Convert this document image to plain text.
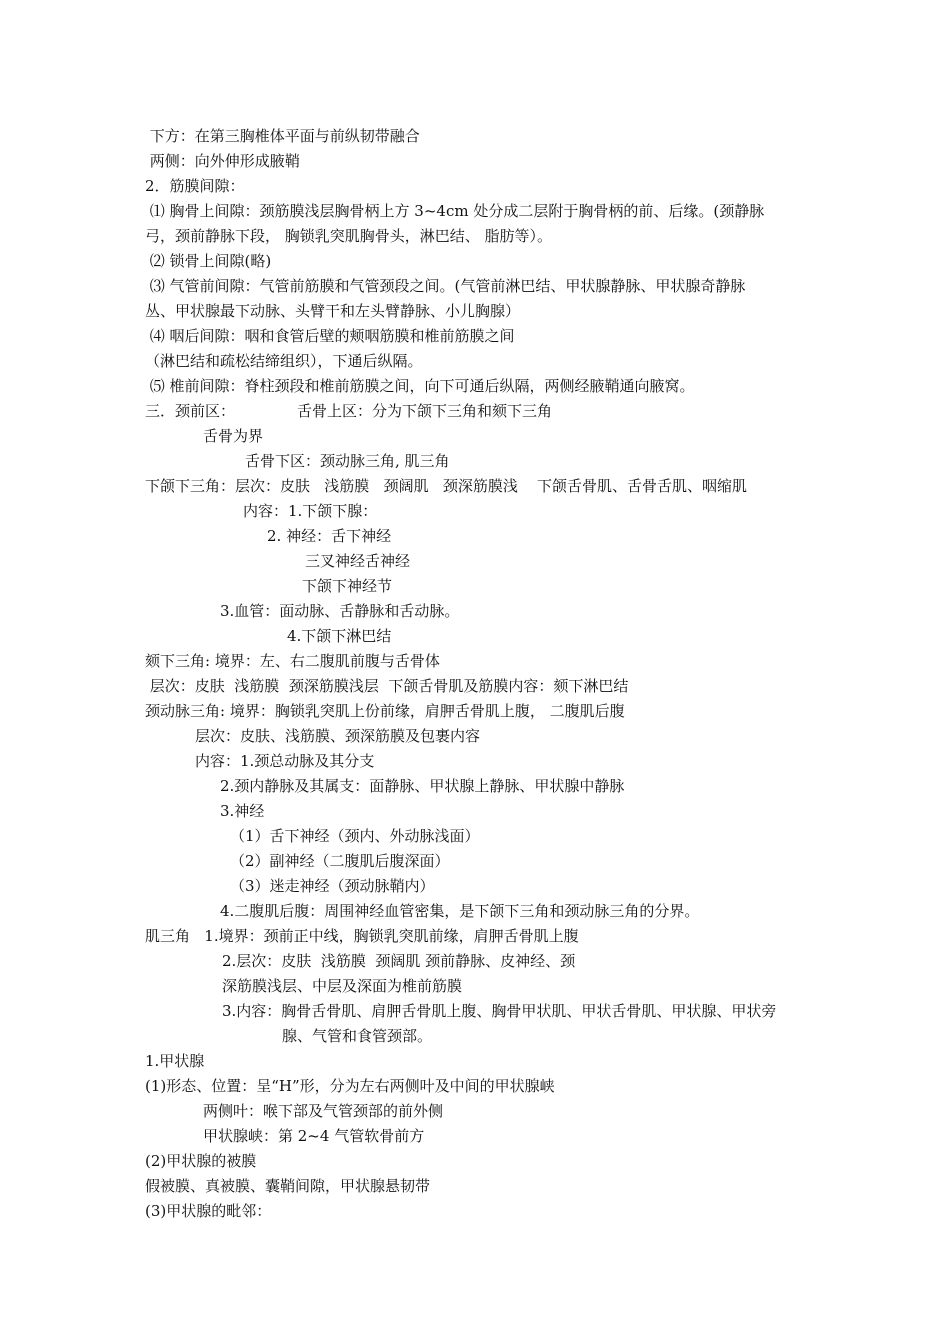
下方：在第三胸椎体平面与前纵韧带融合
两侧：向外伸形成腋鞘
2．筋膜间隙：
⑴ 胸骨上间隙：颈筋膜浅层胸骨柄上方 3~4cm 处分成二层附于胸骨柄的前、后缘。(颈静脉
弓，颈前静脉下段， 胸锁乳突肌胸骨头，淋巴结、 脂肪等）。
⑵ 锁骨上间隙(略)
⑶ 气管前间隙：气管前筋膜和气管颈段之间。(气管前淋巴结、甲状腺静脉、甲状腺奇静脉
丛、甲状腺最下动脉、头臂干和左头臂静脉、小儿胸腺）
⑷ 咽后间隙：咽和食管后壁的颊咽筋膜和椎前筋膜之间
（淋巴结和疏松结缔组织），下通后纵隔。
⑸ 椎前间隙：脊柱颈段和椎前筋膜之间，向下可通后纵隔，两侧经腋鞘通向腋窝。
三．颈前区：	舌骨上区：分为下颌下三角和颏下三角
舌骨为界
舌骨下区：颈动脉三角, 肌三角
下颌下三角：层次：皮肤   浅筋膜   颈阔肌   颈深筋膜浅    下颌舌骨肌、舌骨舌肌、咽缩肌
内容：1.下颌下腺：
2. 神经：舌下神经
三叉神经舌神经
下颌下神经节
3.血管：面动脉、舌静脉和舌动脉。
4.下颌下淋巴结
颏下三角: 境界：左、右二腹肌前腹与舌骨体
层次：皮肤  浅筋膜  颈深筋膜浅层  下颌舌骨肌及筋膜内容：颏下淋巴结
颈动脉三角: 境界：胸锁乳突肌上份前缘，肩胛舌骨肌上腹， 二腹肌后腹
层次：皮肤、浅筋膜、颈深筋膜及包裹内容
内容：1.颈总动脉及其分支
2.颈内静脉及其属支：面静脉、甲状腺上静脉、甲状腺中静脉
3.神经
（1）舌下神经（颈内、外动脉浅面）
（2）副神经（二腹肌后腹深面）
（3）迷走神经（颈动脉鞘内）
4.二腹肌后腹：周围神经血管密集，是下颌下三角和颈动脉三角的分界。
肌三角   1.境界：颈前正中线，胸锁乳突肌前缘，肩胛舌骨肌上腹
2.层次：皮肤  浅筋膜  颈阔肌 颈前静脉、皮神经、颈
深筋膜浅层、中层及深面为椎前筋膜
3.内容：胸骨舌骨肌、肩胛舌骨肌上腹、胸骨甲状肌、甲状舌骨肌、甲状腺、甲状旁
腺、气管和食管颈部。
1.甲状腺
(1)形态、位置：呈“H”形，分为左右两侧叶及中间的甲状腺峡
两侧叶：喉下部及气管颈部的前外侧
甲状腺峡：第 2~4 气管软骨前方
(2)甲状腺的被膜
假被膜、真被膜、囊鞘间隙，甲状腺悬韧带
(3)甲状腺的毗邻：
